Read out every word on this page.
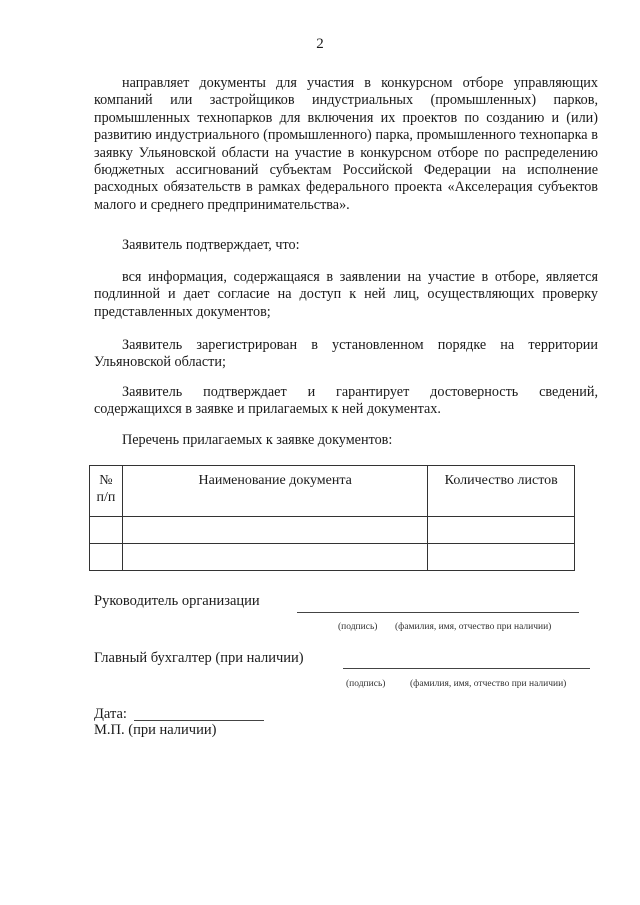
2

направляет документы для участия в конкурсном отборе управляющих компаний или застройщиков индустриальных (промышленных) парков, промышленных технопарков для включения их проектов по созданию и (или) развитию индустриального (промышленного) парка, промышленного технопарка в заявку Ульяновской области на участие в конкурсном отборе по распределению бюджетных ассигнований субъектам Российской Федерации на исполнение расходных обязательств в рамках федерального проекта «Акселерация субъектов малого и среднего предпринимательства».

Заявитель подтверждает, что:

вся информация, содержащаяся в заявлении на участие в отборе, является подлинной и дает согласие на доступ к ней лиц, осуществляющих проверку представленных документов;

Заявитель зарегистрирован в установленном порядке на территории Ульяновской области;

Заявитель подтверждает и гарантирует достоверность сведений, содержащихся в заявке и прилагаемых к ней документах.

Перечень прилагаемых к заявке документов:

№
п/п	Наименование документа	Количество листов

Руководитель организации
(подпись) (фамилия, имя, отчество при наличии)
Главный бухгалтер (при наличии)
(подпись)	(фамилия, имя, отчество при наличии)
Дата:
М.П. (при наличии)
